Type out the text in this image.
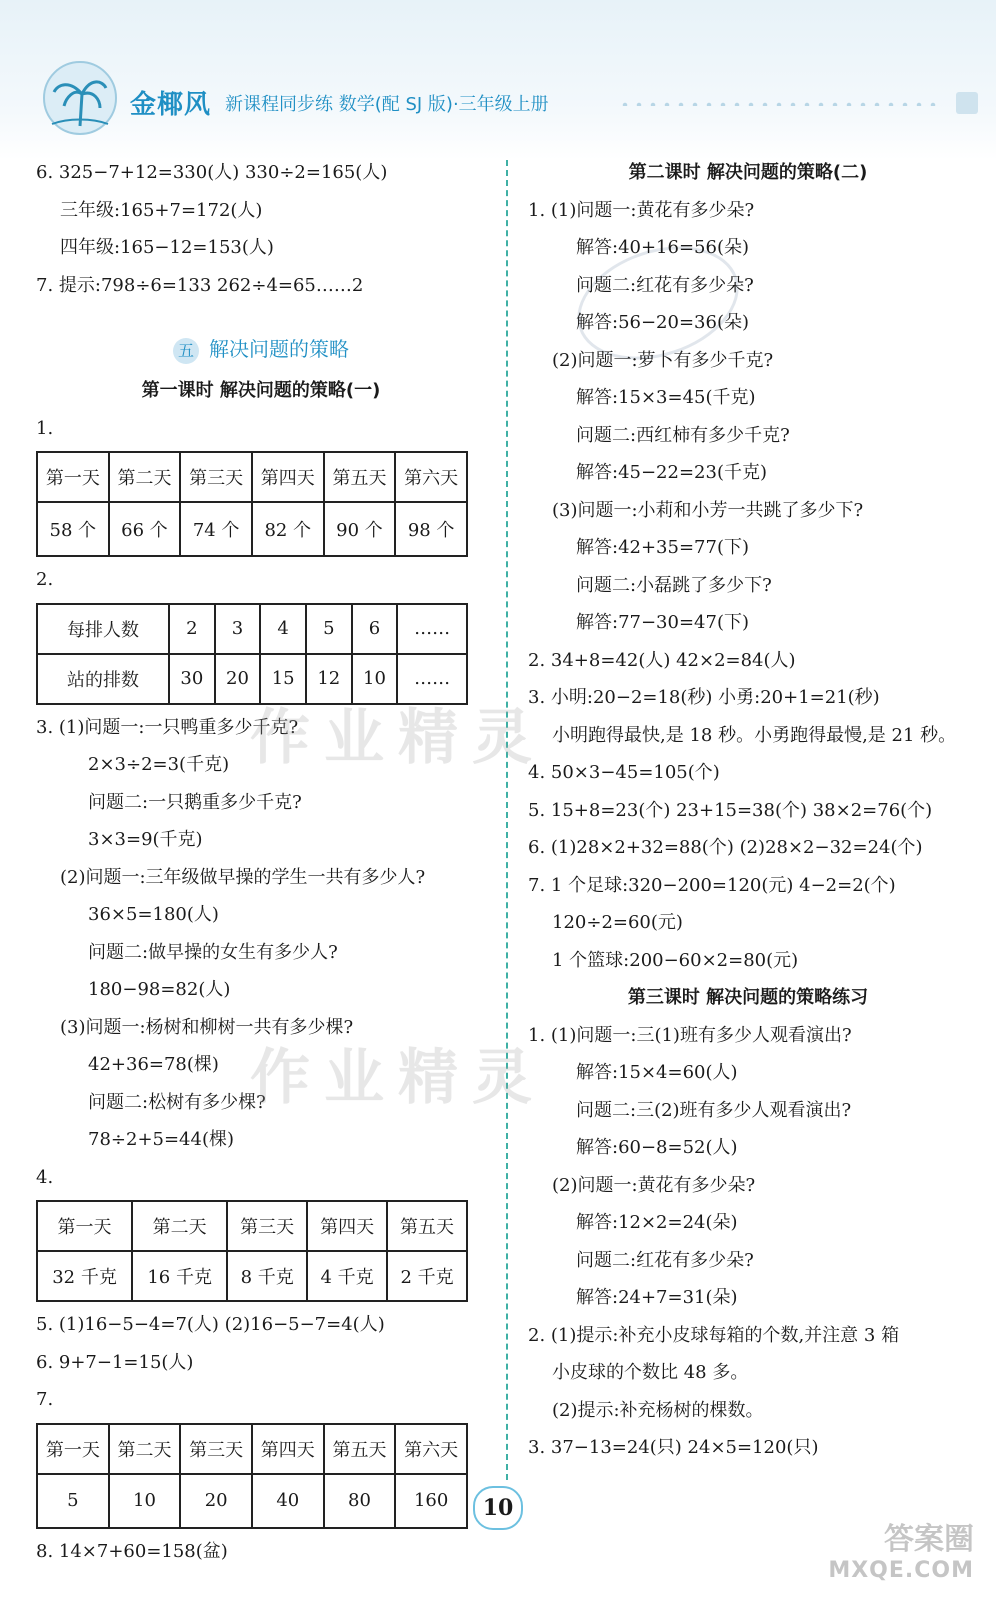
金椰风 新课程同步练 数学(配 SJ 版)·三年级上册
6. 325−7+12=330(人) 330÷2=165(人)
三年级:165+7=172(人)
四年级:165−12=153(人)
7. 提示:798÷6=133 262÷4=65……2
五 解决问题的策略
第一课时 解决问题的策略(一)
1.
第一天	第二天	第三天	第四天	第五天	第六天
58 个	66 个	74 个	82 个	90 个	98 个
2.
每排人数	2	3	4	5	6	……
站的排数	30	20	15	12	10	……
3. (1)问题一:一只鸭重多少千克?
2×3÷2=3(千克)
问题二:一只鹅重多少千克?
3×3=9(千克)
(2)问题一:三年级做早操的学生一共有多少人?
36×5=180(人)
问题二:做早操的女生有多少人?
180−98=82(人)
(3)问题一:杨树和柳树一共有多少棵?
42+36=78(棵)
问题二:松树有多少棵?
78÷2+5=44(棵)
4.
第一天	第二天	第三天	第四天	第五天
32 千克	16 千克	8 千克	4 千克	2 千克
5. (1)16−5−4=7(人) (2)16−5−7=4(人)
6. 9+7−1=15(人)
7.
第一天	第二天	第三天	第四天	第五天	第六天
5	10	20	40	80	160
8. 14×7+60=158(盆)
第二课时 解决问题的策略(二)
1. (1)问题一:黄花有多少朵?
解答:40+16=56(朵)
问题二:红花有多少朵?
解答:56−20=36(朵)
(2)问题一:萝卜有多少千克?
解答:15×3=45(千克)
问题二:西红柿有多少千克?
解答:45−22=23(千克)
(3)问题一:小莉和小芳一共跳了多少下?
解答:42+35=77(下)
问题二:小磊跳了多少下?
解答:77−30=47(下)
2. 34+8=42(人) 42×2=84(人)
3. 小明:20−2=18(秒) 小勇:20+1=21(秒)
小明跑得最快,是 18 秒。小勇跑得最慢,是 21 秒。
4. 50×3−45=105(个)
5. 15+8=23(个) 23+15=38(个) 38×2=76(个)
6. (1)28×2+32=88(个) (2)28×2−32=24(个)
7. 1 个足球:320−200=120(元) 4−2=2(个)
120÷2=60(元)
1 个篮球:200−60×2=80(元)
第三课时 解决问题的策略练习
1. (1)问题一:三(1)班有多少人观看演出?
解答:15×4=60(人)
问题二:三(2)班有多少人观看演出?
解答:60−8=52(人)
(2)问题一:黄花有多少朵?
解答:12×2=24(朵)
问题二:红花有多少朵?
解答:24+7=31(朵)
2. (1)提示:补充小皮球每箱的个数,并注意 3 箱
小皮球的个数比 48 多。
(2)提示:补充杨树的棵数。
3. 37−13=24(只) 24×5=120(只)
作业精灵
作业精灵
10
答案圈
MXQE.COM
